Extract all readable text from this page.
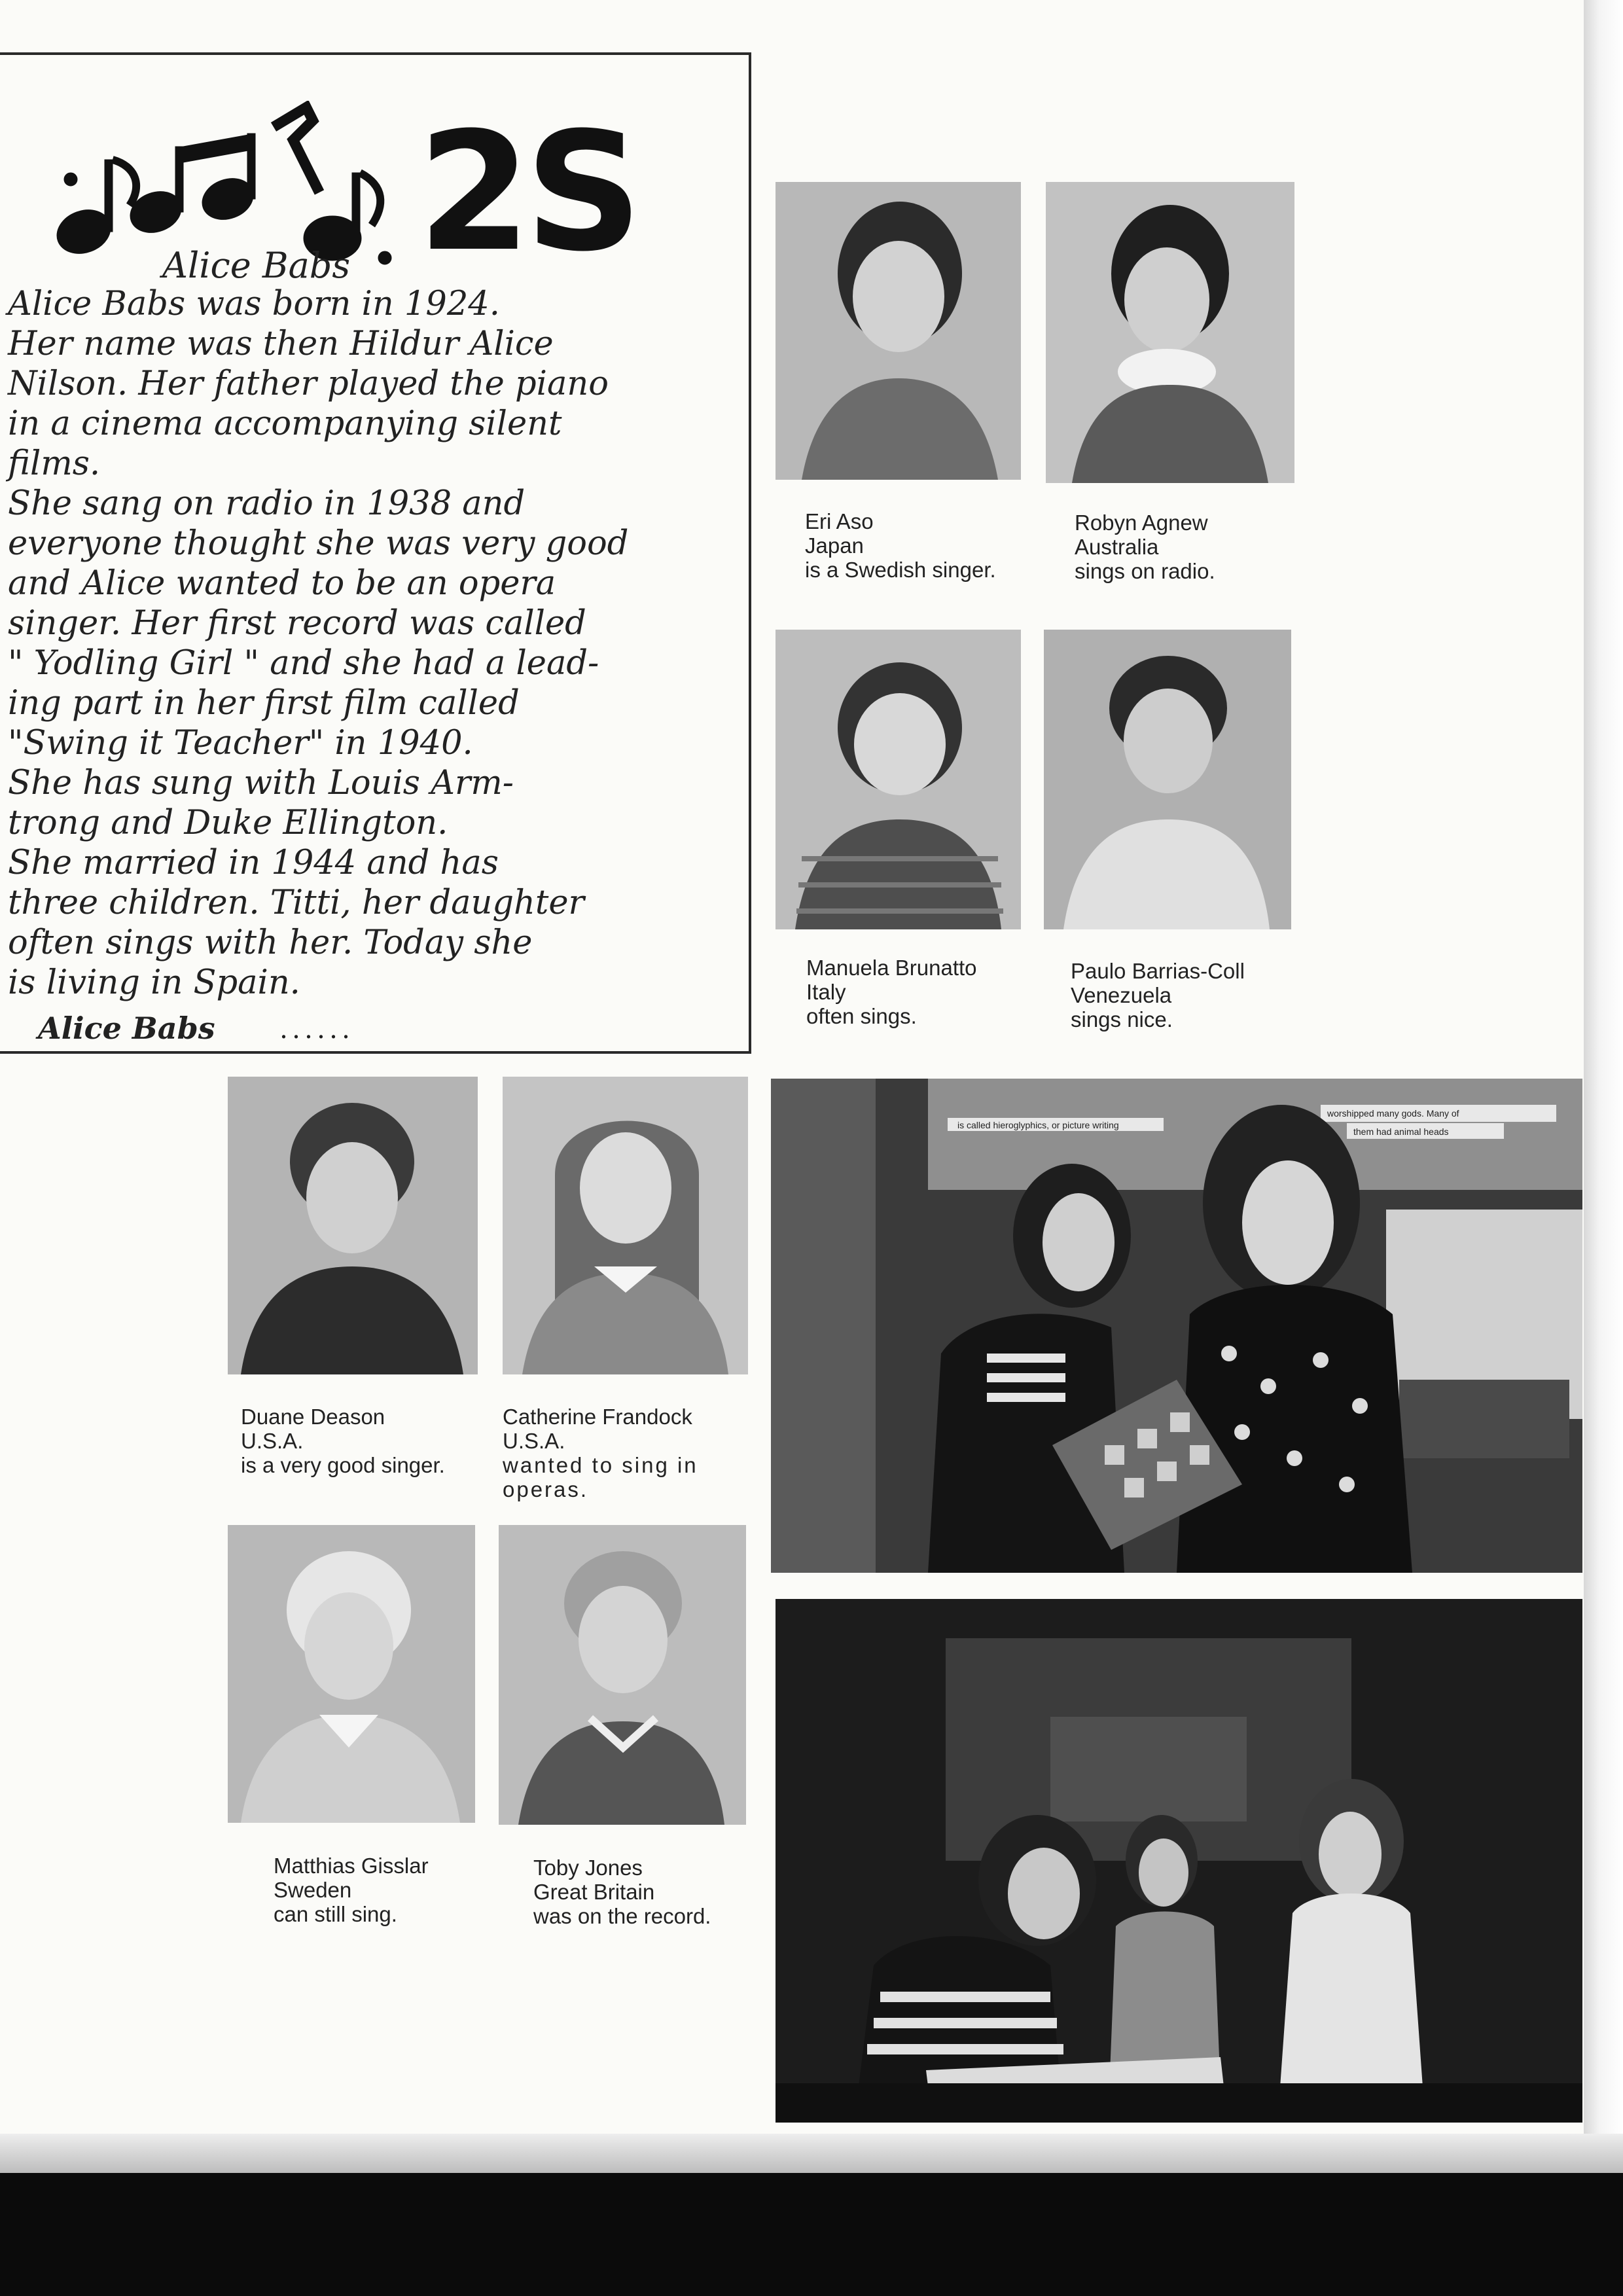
2S
Alice Babs

Alice Babs was born in 1924.
Her name was then Hildur Alice
Nilson. Her father played the piano
in a cinema accompanying silent
films.

She sang on radio in 1938 and
everyone thought she was very good
and Alice wanted to be an opera
singer. Her first record was called
" Yodling Girl " and she had a lead-
ing part in her first film called
"Swing it Teacher" in 1940.

She has sung with Louis Arm-
trong and Duke Ellington.

She married in 1944 and has
three children. Titti, her daughter
often sings with her. Today she
is living in Spain.

Alice Babs ......
Eri Aso
Japan
is a Swedish singer.
Robyn Agnew
Australia
sings on radio.
Manuela Brunatto
Italy
often sings.
Paulo Barrias-Coll
Venezuela
sings nice.
Duane Deason
U.S.A.
is a very good singer.
Catherine Frandock
U.S.A.
wanted to sing in operas.
Matthias Gisslar
Sweden
can still sing.
Toby Jones
Great Britain
was on the record.
is called hieroglyphics, or picture writing
worshipped many gods. Many of
them had animal heads
